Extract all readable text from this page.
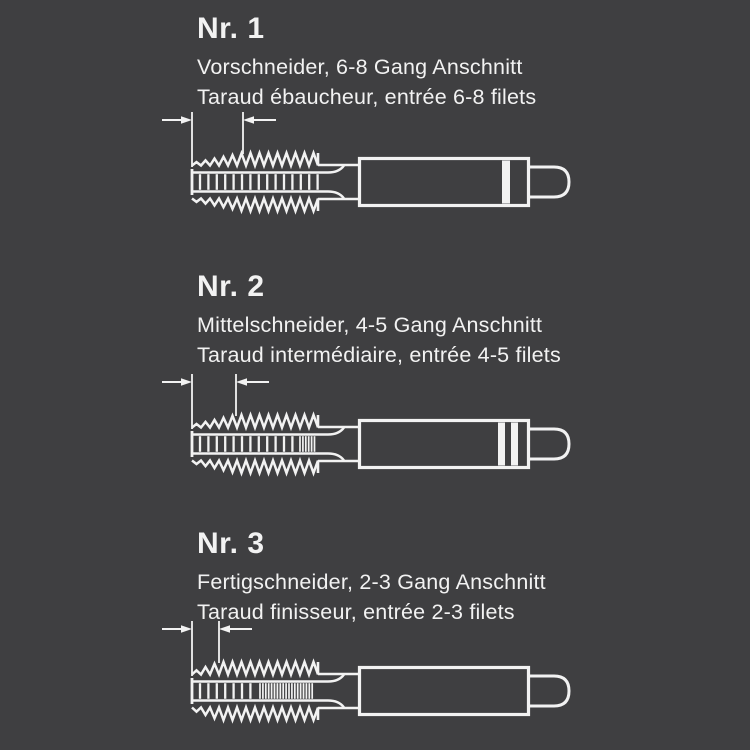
Nr. 1

Vorschneider, 6-8 Gang Anschnitt

Taraud ébaucheur, entrée 6-8 filets

Nr. 2

Mittelschneider, 4-5 Gang Anschnitt

Taraud intermédiaire, entrée 4-5 filets

Nr. 3

Fertigschneider, 2-3 Gang Anschnitt

Taraud finisseur, entrée 2-3 filets
